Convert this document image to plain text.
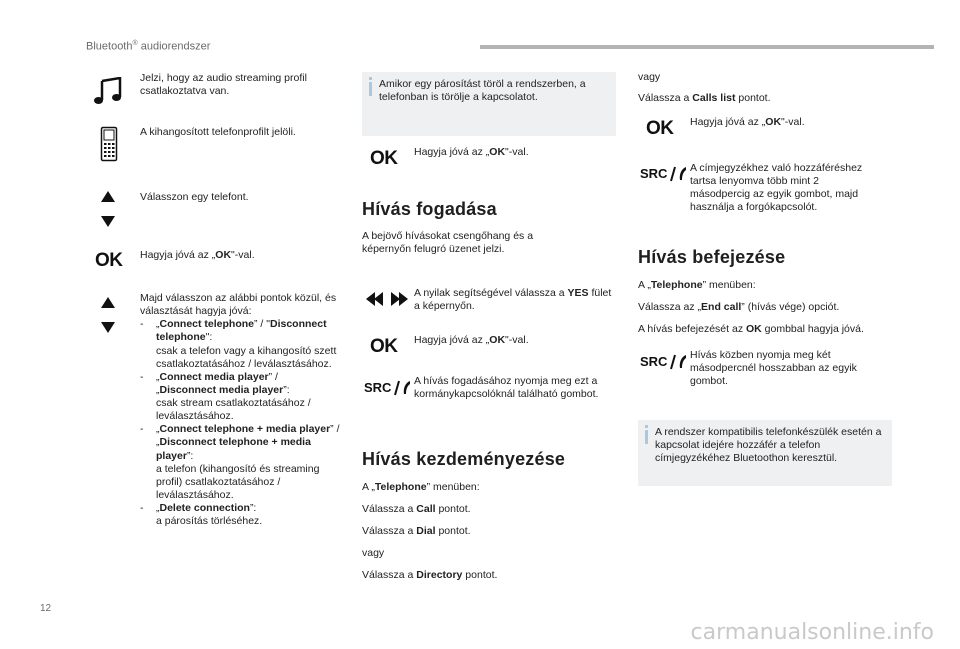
Bluetooth® audiorendszer
Jelzi, hogy az audio streaming profil csatlakoztatva van.
A kihangosított telefonprofilt jelöli.
Válasszon egy telefont.
OK Hagyja jóvá az „OK"-val.
Majd válasszon az alábbi pontok közül, és választását hagyja jóvá:
- „Connect telephone” / "Disconnect telephone":
csak a telefon vagy a kihangosító szett csatlakoztatásához / leválasztásához.
- „Connect media player” / „Disconnect media player”:
csak stream csatlakoztatásához / leválasztásához.
- „Connect telephone + media player” / „Disconnect telephone + media player”:
a telefon (kihangosító és streaming profil) csatlakoztatásához / leválasztásához.
- „Delete connection”:
a párosítás törléséhez.
Amikor egy párosítást töröl a rendszerben, a telefonban is törölje a kapcsolatot.
OK Hagyja jóvá az „OK"-val.
Hívás fogadása
A bejövő hívásokat csengőhang és a képernyőn felugró üzenet jelzi.
A nyilak segítségével válassza a YES fület a képernyőn.
OK Hagyja jóvá az „OK"-val.
SRC A hívás fogadásához nyomja meg ezt a kormánykapcsolóknál található gombot.
Hívás kezdeményezése
A „Telephone” menüben:
Válassza a Call pontot.
Válassza a Dial pontot.
vagy
Válassza a Directory pontot.
vagy
Válassza a Calls list pontot.
OK Hagyja jóvá az „OK"-val.
SRC A címjegyzékhez való hozzáféréshez tartsa lenyomva több mint 2 másodpercig az egyik gombot, majd használja a forgókapcsolót.
Hívás befejezése
A „Telephone” menüben:
Válassza az „End call” (hívás vége) opciót.
A hívás befejezését az OK gombbal hagyja jóvá.
SRC Hívás közben nyomja meg két másodpercnél hosszabban az egyik gombot.
A rendszer kompatibilis telefonkészülék esetén a kapcsolat idejére hozzáfér a telefon címjegyzékéhez Bluetoothon keresztül.
12
carmanualsonline.info
